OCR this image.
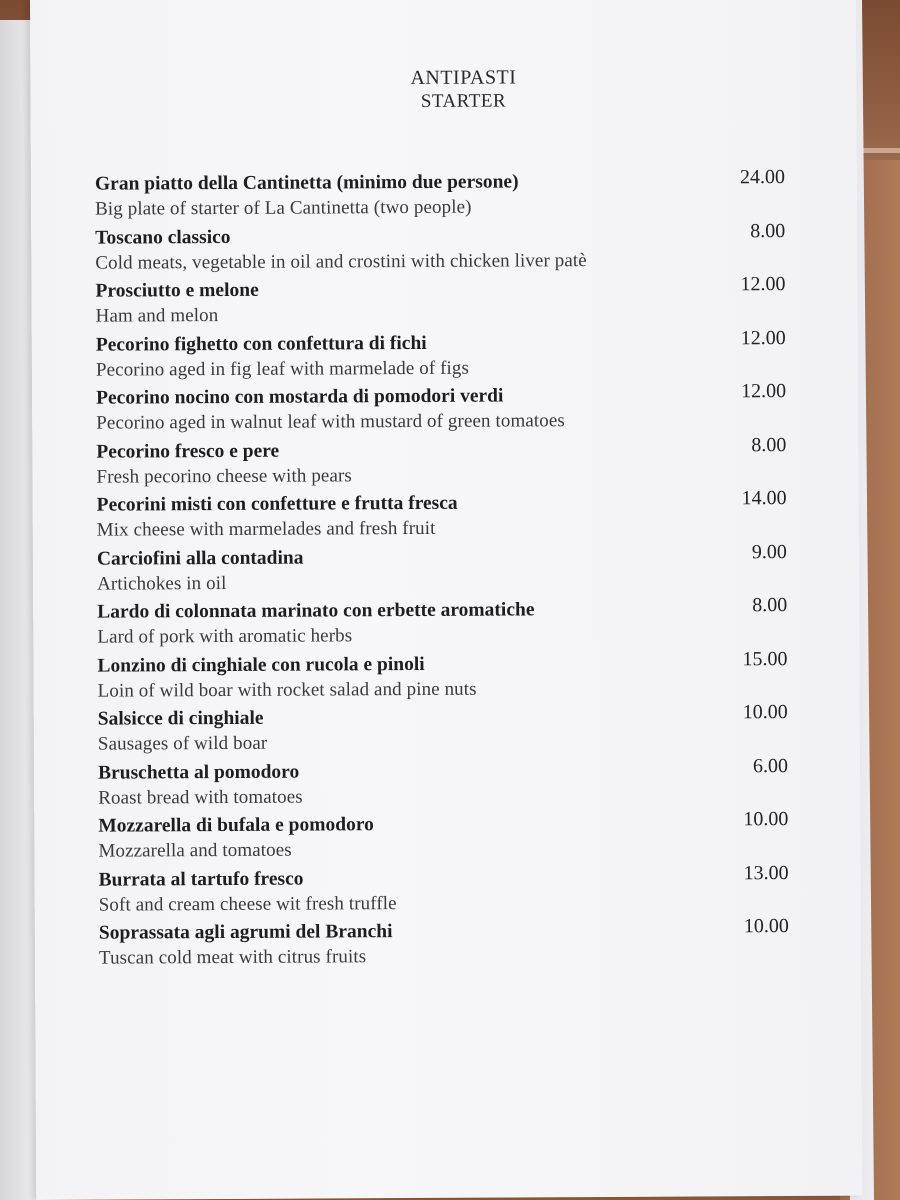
ANTIPASTI
STARTER
Gran piatto della Cantinetta (minimo due persone)
Big plate of starter of La Cantinetta (two people)
24.00
Toscano classico
Cold meats, vegetable in oil and crostini with chicken liver patè
8.00
Prosciutto e melone
Ham and melon
12.00
Pecorino fighetto con confettura di fichi
Pecorino aged in fig leaf with marmelade of figs
12.00
Pecorino nocino con mostarda di pomodori verdi
Pecorino aged in walnut leaf with mustard of green tomatoes
12.00
Pecorino fresco e pere
Fresh pecorino cheese with pears
8.00
Pecorini misti con confetture e frutta fresca
Mix cheese with marmelades and fresh fruit
14.00
Carciofini alla contadina
Artichokes in oil
9.00
Lardo di colonnata marinato con erbette aromatiche
Lard of pork with aromatic herbs
8.00
Lonzino di cinghiale con rucola e pinoli
Loin of wild boar with rocket salad and pine nuts
15.00
Salsicce di cinghiale
Sausages of wild boar
10.00
Bruschetta al pomodoro
Roast bread with tomatoes
6.00
Mozzarella di bufala e pomodoro
Mozzarella and tomatoes
10.00
Burrata al tartufo fresco
Soft and cream cheese wit fresh truffle
13.00
Soprassata agli agrumi del Branchi
Tuscan cold meat with citrus fruits
10.00
